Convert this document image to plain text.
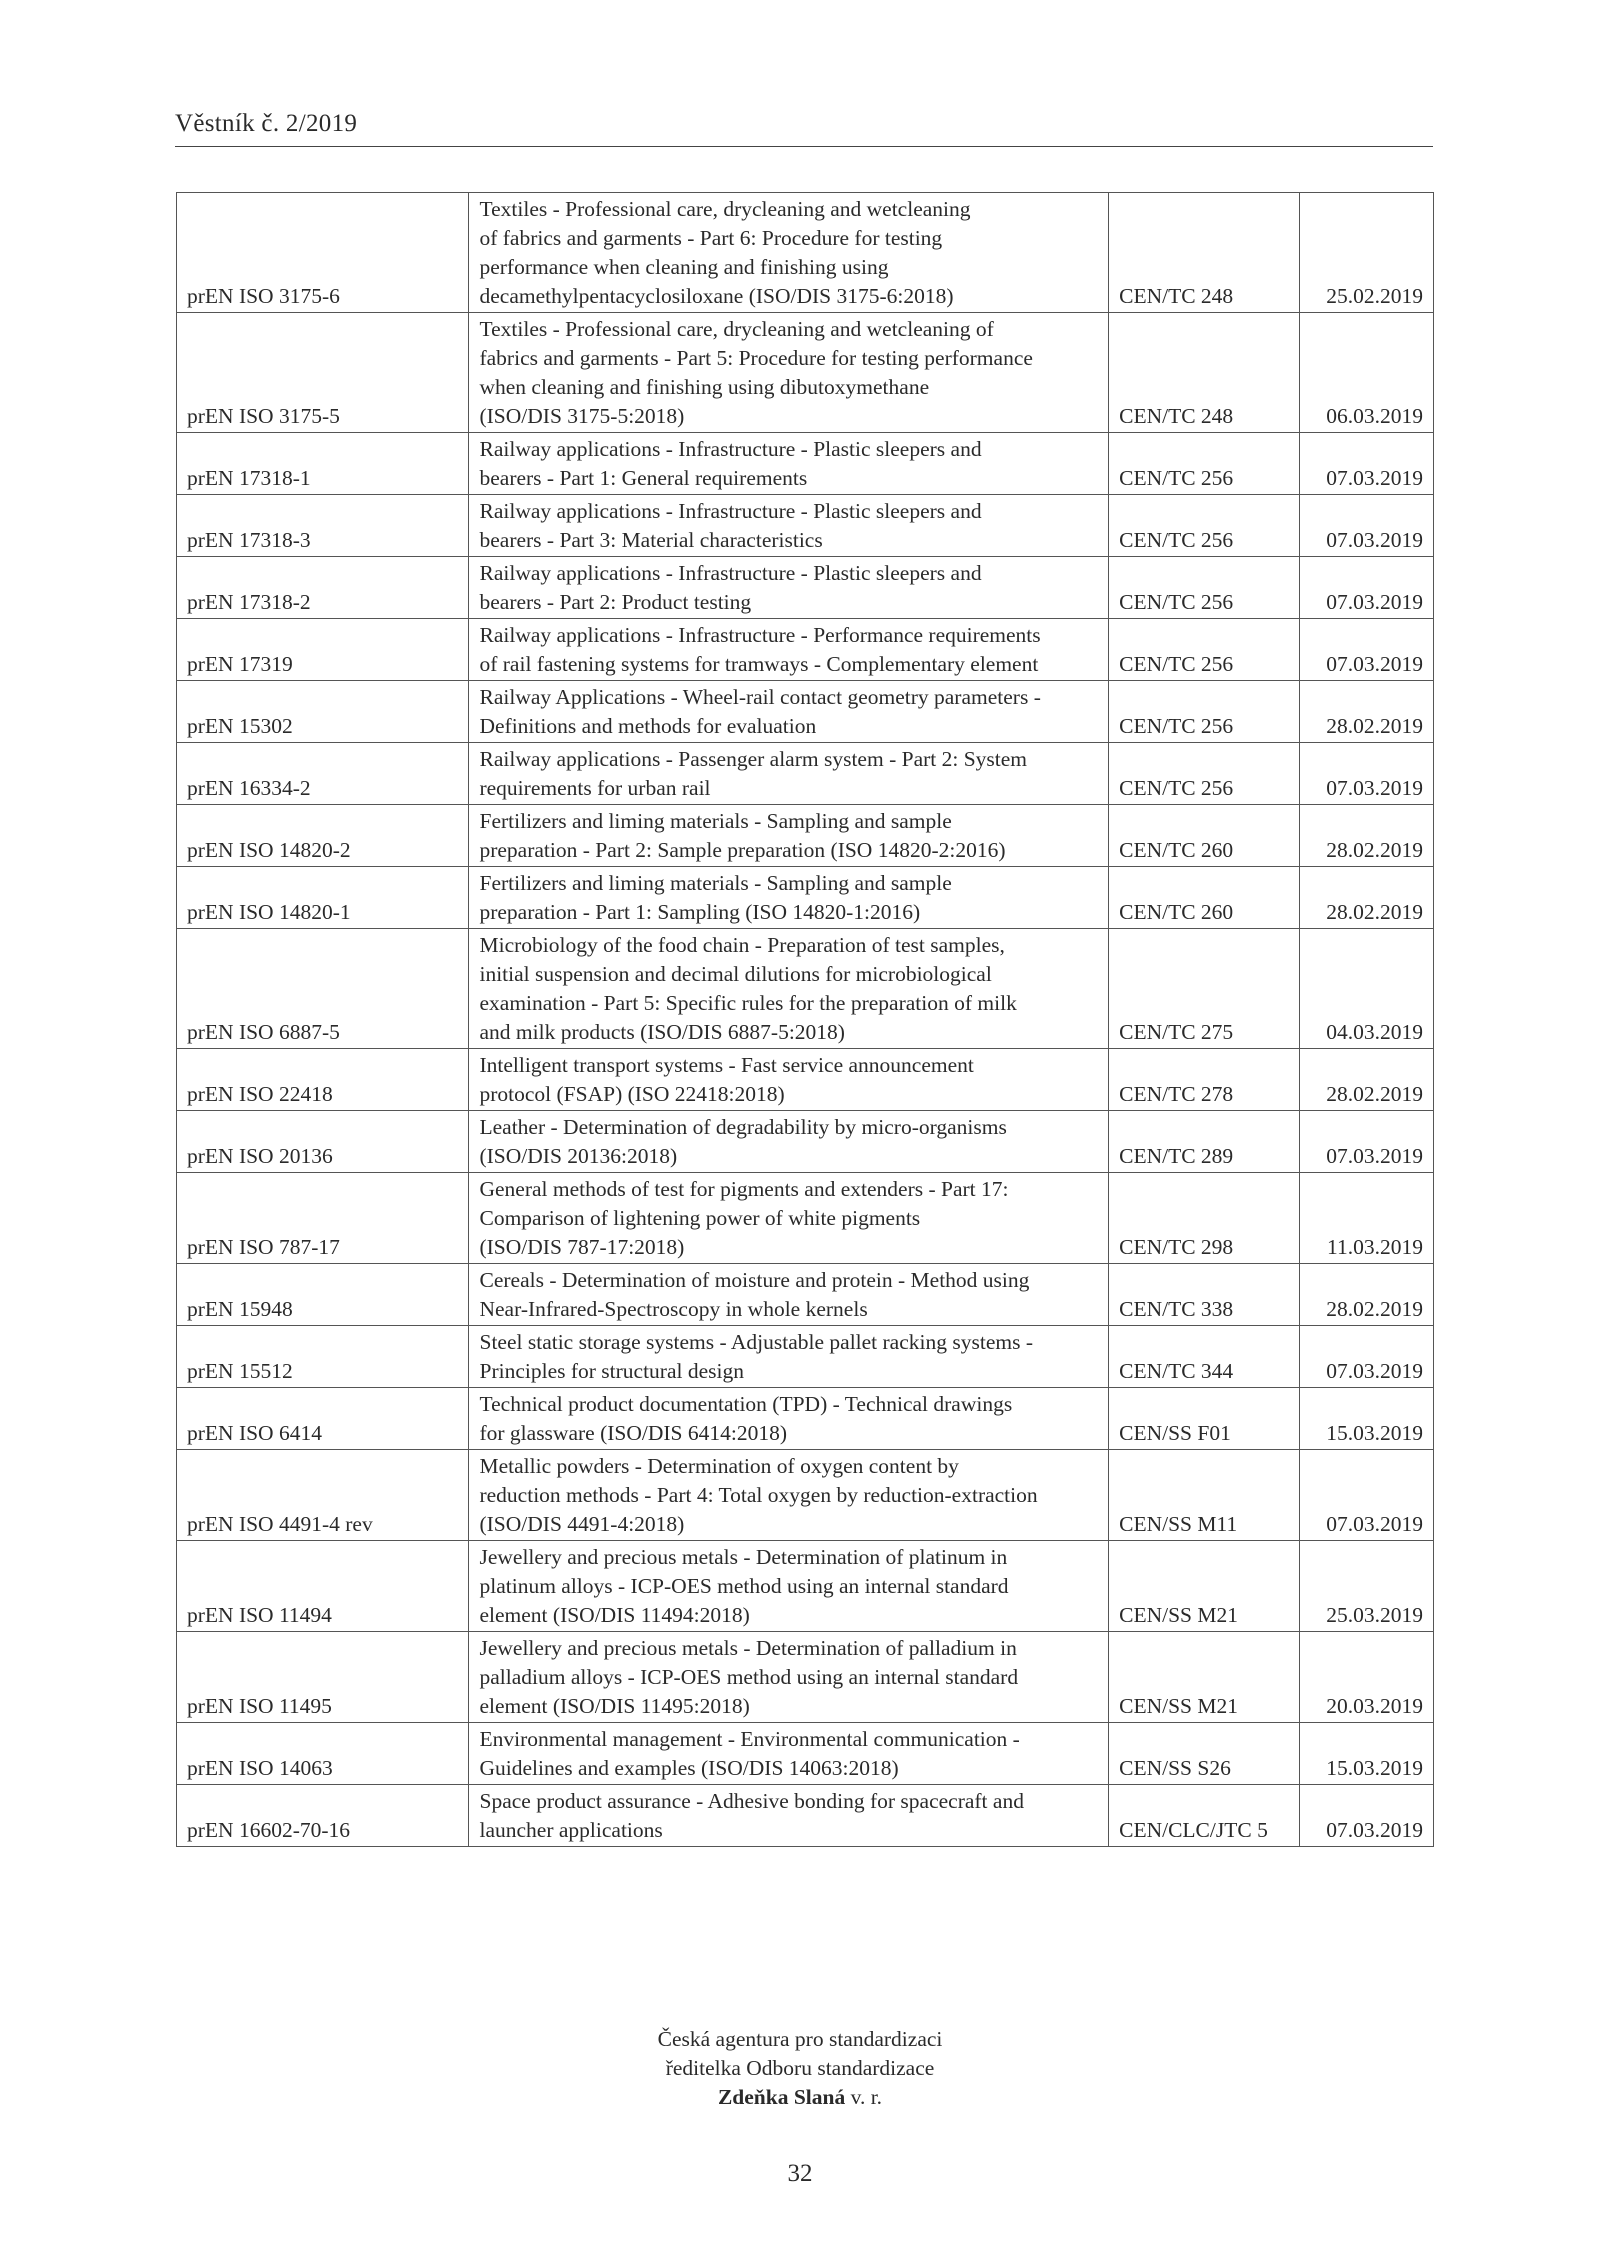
Věstník č. 2/2019
prEN ISO 3175-6	Textiles - Professional care, drycleaning and wetcleaning
of fabrics and garments - Part 6: Procedure for testing
performance when cleaning and finishing using
decamethylpentacyclosiloxane (ISO/DIS 3175-6:2018)	CEN/TC 248	25.02.2019
prEN ISO 3175-5	Textiles - Professional care, drycleaning and wetcleaning of
fabrics and garments - Part 5: Procedure for testing performance
when cleaning and finishing using dibutoxymethane
(ISO/DIS 3175-5:2018)	CEN/TC 248	06.03.2019
prEN 17318-1	Railway applications - Infrastructure - Plastic sleepers and
bearers - Part 1: General requirements	CEN/TC 256	07.03.2019
prEN 17318-3	Railway applications - Infrastructure - Plastic sleepers and
bearers - Part 3: Material characteristics	CEN/TC 256	07.03.2019
prEN 17318-2	Railway applications - Infrastructure - Plastic sleepers and
bearers - Part 2: Product testing	CEN/TC 256	07.03.2019
prEN 17319	Railway applications - Infrastructure - Performance requirements
of rail fastening systems for tramways - Complementary element	CEN/TC 256	07.03.2019
prEN 15302	Railway Applications - Wheel-rail contact geometry parameters -
Definitions and methods for evaluation	CEN/TC 256	28.02.2019
prEN 16334-2	Railway applications - Passenger alarm system - Part 2: System
requirements for urban rail	CEN/TC 256	07.03.2019
prEN ISO 14820-2	Fertilizers and liming materials - Sampling and sample
preparation - Part 2: Sample preparation (ISO 14820-2:2016)	CEN/TC 260	28.02.2019
prEN ISO 14820-1	Fertilizers and liming materials - Sampling and sample
preparation - Part 1: Sampling (ISO 14820-1:2016)	CEN/TC 260	28.02.2019
prEN ISO 6887-5	Microbiology of the food chain - Preparation of test samples,
initial suspension and decimal dilutions for microbiological
examination - Part 5: Specific rules for the preparation of milk
and milk products (ISO/DIS 6887-5:2018)	CEN/TC 275	04.03.2019
prEN ISO 22418	Intelligent transport systems - Fast service announcement
protocol (FSAP) (ISO 22418:2018)	CEN/TC 278	28.02.2019
prEN ISO 20136	Leather - Determination of degradability by micro-organisms
(ISO/DIS 20136:2018)	CEN/TC 289	07.03.2019
prEN ISO 787-17	General methods of test for pigments and extenders - Part 17:
Comparison of lightening power of white pigments
(ISO/DIS 787-17:2018)	CEN/TC 298	11.03.2019
prEN 15948	Cereals - Determination of moisture and protein - Method using
Near-Infrared-Spectroscopy in whole kernels	CEN/TC 338	28.02.2019
prEN 15512	Steel static storage systems - Adjustable pallet racking systems -
Principles for structural design	CEN/TC 344	07.03.2019
prEN ISO 6414	Technical product documentation (TPD) - Technical drawings
for glassware (ISO/DIS 6414:2018)	CEN/SS F01	15.03.2019
prEN ISO 4491-4 rev	Metallic powders - Determination of oxygen content by
reduction methods - Part 4: Total oxygen by reduction-extraction
(ISO/DIS 4491-4:2018)	CEN/SS M11	07.03.2019
prEN ISO 11494	Jewellery and precious metals - Determination of platinum in
platinum alloys - ICP-OES method using an internal standard
element (ISO/DIS 11494:2018)	CEN/SS M21	25.03.2019
prEN ISO 11495	Jewellery and precious metals - Determination of palladium in
palladium alloys - ICP-OES method using an internal standard
element (ISO/DIS 11495:2018)	CEN/SS M21	20.03.2019
prEN ISO 14063	Environmental management - Environmental communication -
Guidelines and examples (ISO/DIS 14063:2018)	CEN/SS S26	15.03.2019
prEN 16602-70-16	Space product assurance - Adhesive bonding for spacecraft and
launcher applications	CEN/CLC/JTC 5	07.03.2019
Česká agentura pro standardizaci
ředitelka Odboru standardizace
Zdeňka Slaná v. r.
32
